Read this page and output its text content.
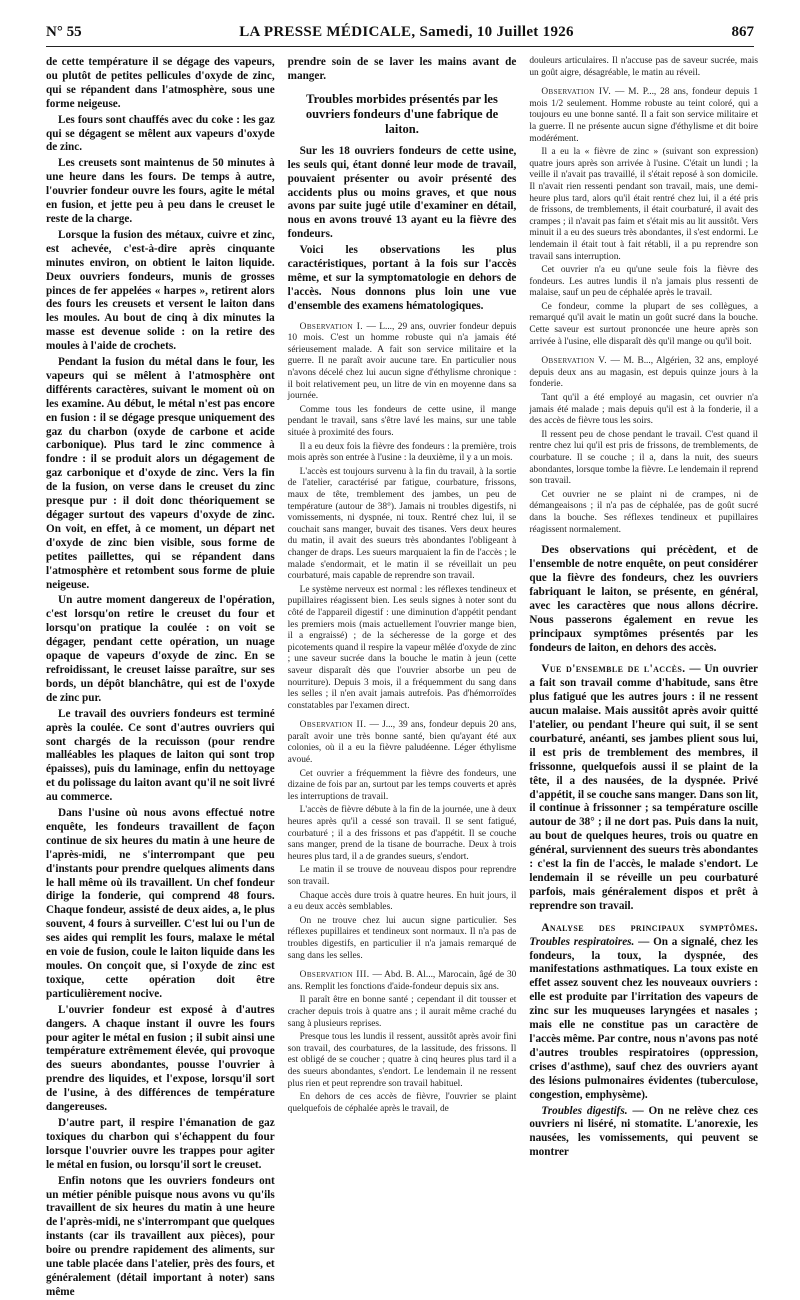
N° 55	LA PRESSE MÉDICALE, Samedi, 10 Juillet 1926	867

de cette température il se dégage des vapeurs, ou plutôt de petites pellicules d'oxyde de zinc, qui se répandent dans l'atmosphère, sous une forme neigeuse.

Les fours sont chauffés avec du coke : les gaz qui se dégagent se mêlent aux vapeurs d'oxyde de zinc.

Les creusets sont maintenus de 50 minutes à une heure dans les fours. De temps à autre, l'ouvrier fondeur ouvre les fours, agite le métal en fusion, et jette peu à peu dans le creuset le reste de la charge.

Lorsque la fusion des métaux, cuivre et zinc, est achevée, c'est-à-dire après cinquante minutes environ, on obtient le laiton liquide. Deux ouvriers fondeurs, munis de grosses pinces de fer appelées « harpes », retirent alors des fours les creusets et versent le laiton dans les moules. Au bout de cinq à dix minutes la masse est devenue solide : on la retire des moules à l'aide de crochets.

Pendant la fusion du métal dans le four, les vapeurs qui se mêlent à l'atmosphère ont différents caractères, suivant le moment où on les examine. Au début, le métal n'est pas encore en fusion : il se dégage presque uniquement des gaz du charbon (oxyde de carbone et acide carbonique). Plus tard le zinc commence à fondre : il se produit alors un dégagement de gaz carbonique et d'oxyde de zinc. Vers la fin de la fusion, on verse dans le creuset du zinc presque pur : il doit donc théoriquement se dégager surtout des vapeurs d'oxyde de zinc. On voit, en effet, à ce moment, un départ net d'oxyde de zinc bien visible, sous forme de petites paillettes, qui se répandent dans l'atmosphère et retombent sous forme de pluie neigeuse.

Un autre moment dangereux de l'opération, c'est lorsqu'on retire le creuset du four et lorsqu'on pratique la coulée : on voit se dégager, pendant cette opération, un nuage opaque de vapeurs d'oxyde de zinc. En se refroidissant, le creuset laisse paraître, sur ses bords, un dépôt blanchâtre, qui est de l'oxyde de zinc pur.

Le travail des ouvriers fondeurs est terminé après la coulée. Ce sont d'autres ouvriers qui sont chargés de la recuisson (pour rendre malléables les plaques de laiton qui sont trop épaisses), puis du laminage, enfin du nettoyage et du polissage du laiton avant qu'il ne soit livré au commerce.

Dans l'usine où nous avons effectué notre enquête, les fondeurs travaillent de façon continue de six heures du matin à une heure de l'après-midi, ne s'interrompant que peu d'instants pour prendre quelques aliments dans le hall même où ils travaillent. Un chef fondeur dirige la fonderie, qui comprend 48 fours. Chaque fondeur, assisté de deux aides, a, le plus souvent, 4 fours à surveiller. C'est lui ou l'un de ses aides qui remplit les fours, malaxe le métal en voie de fusion, coule le laiton liquide dans les moules. On conçoit que, si l'oxyde de zinc est toxique, cette opération doit être particulièrement nocive.

L'ouvrier fondeur est exposé à d'autres dangers. A chaque instant il ouvre les fours pour agiter le métal en fusion ; il subit ainsi une température extrêmement élevée, qui provoque des sueurs abondantes, pousse l'ouvrier à prendre des liquides, et l'expose, lorsqu'il sort de l'usine, à des différences de température dangereuses.

D'autre part, il respire l'émanation de gaz toxiques du charbon qui s'échappent du four lorsque l'ouvrier ouvre les trappes pour agiter le métal en fusion, ou lorsqu'il sort le creuset.

Enfin notons que les ouvriers fondeurs ont un métier pénible puisque nous avons vu qu'ils travaillent de six heures du matin à une heure de l'après-midi, ne s'interrompant que quelques instants (car ils travaillent aux pièces), pour boire ou prendre rapidement des aliments, sur une table placée dans l'atelier, près des fours, et généralement (détail important à noter) sans même

prendre soin de se laver les mains avant de manger.

Troubles morbides présentés par les ouvriers fondeurs d'une fabrique de laiton.

Sur les 18 ouvriers fondeurs de cette usine, les seuls qui, étant donné leur mode de travail, pouvaient présenter ou avoir présenté des accidents plus ou moins graves, et que nous avons par suite jugé utile d'examiner en détail, nous en avons trouvé 13 ayant eu la fièvre des fondeurs.

Voici les observations les plus caractéristiques, portant à la fois sur l'accès même, et sur la symptomatologie en dehors de l'accès. Nous donnons plus loin une vue d'ensemble des examens hématologiques.

Observation I. — L..., 29 ans, ouvrier fondeur depuis 10 mois. C'est un homme robuste qui n'a jamais été sérieusement malade. A fait son service militaire et la guerre. Il ne paraît avoir aucune tare. En particulier nous n'avons décelé chez lui aucun signe d'éthylisme chronique : il boit relativement peu, un litre de vin en moyenne dans sa journée.

Comme tous les fondeurs de cette usine, il mange pendant le travail, sans s'être lavé les mains, sur une table située à proximité des fours.

Il a eu deux fois la fièvre des fondeurs : la première, trois mois après son entrée à l'usine : la deuxième, il y a un mois.

L'accès est toujours survenu à la fin du travail, à la sortie de l'atelier, caractérisé par fatigue, courbature, frissons, maux de tête, tremblement des jambes, un peu de température (autour de 38°). Jamais ni troubles digestifs, ni vomissements, ni dyspnée, ni toux. Rentré chez lui, il se couchait sans manger, buvait des tisanes. Vers deux heures du matin, il avait des sueurs très abondantes l'obligeant à changer de draps. Les sueurs marquaient la fin de l'accès ; le malade s'endormait, et le matin il se réveillait un peu courbaturé, mais capable de reprendre son travail.

Le système nerveux est normal : les réflexes tendineux et pupillaires réagissent bien. Les seuls signes à noter sont du côté de l'appareil digestif : une diminution d'appétit pendant les premiers mois (mais actuellement l'ouvrier mange bien, il a engraissé) ; de la sécheresse de la gorge et des picotements quand il respire la vapeur mêlée d'oxyde de zinc ; une saveur sucrée dans la bouche le matin à jeun (cette saveur disparaît dès que l'ouvrier absorbe un peu de nourriture). Depuis 3 mois, il a fréquemment du sang dans les selles ; il n'en avait jamais autrefois. Pas d'hémorroïdes constatables par l'examen direct.

Observation II. — J..., 39 ans, fondeur depuis 20 ans, paraît avoir une très bonne santé, bien qu'ayant été aux colonies, où il a eu la fièvre paludéenne. Léger éthylisme avoué.

Cet ouvrier a fréquemment la fièvre des fondeurs, une dizaine de fois par an, surtout par les temps couverts et après les interruptions de travail.

L'accès de fièvre débute à la fin de la journée, une à deux heures après qu'il a cessé son travail. Il se sent fatigué, courbaturé ; il a des frissons et pas d'appétit. Il se couche sans manger, prend de la tisane de bourrache. Deux à trois heures plus tard, il a de grandes sueurs, s'endort.

Le matin il se trouve de nouveau dispos pour reprendre son travail.

Chaque accès dure trois à quatre heures. En huit jours, il a eu deux accès semblables.

On ne trouve chez lui aucun signe particulier. Ses réflexes pupillaires et tendineux sont normaux. Il n'a pas de troubles digestifs, en particulier il n'a jamais remarqué de sang dans les selles.

Observation III. — Abd. B. Al..., Marocain, âgé de 30 ans. Remplit les fonctions d'aide-fondeur depuis six ans.

Il paraît être en bonne santé ; cependant il dit tousser et cracher depuis trois à quatre ans ; il aurait même craché du sang à plusieurs reprises.

Presque tous les lundis il ressent, aussitôt après avoir fini son travail, des courbatures, de la lassitude, des frissons. Il est obligé de se coucher ; quatre à cinq heures plus tard il a des sueurs abondantes, s'endort. Le lendemain il ne ressent plus rien et peut reprendre son travail habituel.

En dehors de ces accès de fièvre, l'ouvrier se plaint quelquefois de céphalée après le travail, de

douleurs articulaires. Il n'accuse pas de saveur sucrée, mais un goût aigre, désagréable, le matin au réveil.

Observation IV. — M. P..., 28 ans, fondeur depuis 1 mois 1/2 seulement. Homme robuste au teint coloré, qui a toujours eu une bonne santé. Il a fait son service militaire et la guerre. Il ne présente aucun signe d'éthylisme et dit boire modérément.

Il a eu la « fièvre de zinc » (suivant son expression) quatre jours après son arrivée à l'usine. C'était un lundi ; la veille il n'avait pas travaillé, il s'était reposé à son domicile. Il n'avait rien ressenti pendant son travail, mais, une demi-heure plus tard, alors qu'il était rentré chez lui, il a été pris de frissons, de tremblements, il était courbaturé, il avait des crampes ; il n'avait pas faim et s'était mis au lit aussitôt. Vers minuit il a eu des sueurs très abondantes, il s'est endormi. Le lendemain il était tout à fait rétabli, il a pu reprendre son travail sans interruption.

Cet ouvrier n'a eu qu'une seule fois la fièvre des fondeurs. Les autres lundis il n'a jamais plus ressenti de malaise, sauf un peu de céphalée après le travail.

Ce fondeur, comme la plupart de ses collègues, a remarqué qu'il avait le matin un goût sucré dans la bouche. Cette saveur est surtout prononcée une heure après son arrivée à l'usine, elle disparaît dès qu'il mange ou qu'il boit.

Observation V. — M. B..., Algérien, 32 ans, employé depuis deux ans au magasin, est depuis quinze jours à la fonderie.

Tant qu'il a été employé au magasin, cet ouvrier n'a jamais été malade ; mais depuis qu'il est à la fonderie, il a des accès de fièvre tous les soirs.

Il ressent peu de chose pendant le travail. C'est quand il rentre chez lui qu'il est pris de frissons, de tremblements, de courbature. Il se couche ; il a, dans la nuit, des sueurs abondantes, lorsque tombe la fièvre. Le lendemain il reprend son travail.

Cet ouvrier ne se plaint ni de crampes, ni de démangeaisons ; il n'a pas de céphalée, pas de goût sucré dans la bouche. Ses réflexes tendineux et pupillaires réagissent normalement.

Des observations qui précèdent, et de l'ensemble de notre enquête, on peut considérer que la fièvre des fondeurs, chez les ouvriers fabriquant le laiton, se présente, en général, avec les caractères que nous allons décrire. Nous passerons également en revue les principaux symptômes présentés par les fondeurs de laiton, en dehors des accès.

Vue d'ensemble de l'accès. — Un ouvrier a fait son travail comme d'habitude, sans être plus fatigué que les autres jours : il ne ressent aucun malaise. Mais aussitôt après avoir quitté l'atelier, ou pendant l'heure qui suit, il se sent courbaturé, anéanti, ses jambes plient sous lui, il est pris de tremblement des membres, il frissonne, quelquefois aussi il se plaint de la tête, il a des nausées, de la dyspnée. Privé d'appétit, il se couche sans manger. Dans son lit, il continue à frissonner ; sa température oscille autour de 38° ; il ne dort pas. Puis dans la nuit, au bout de quelques heures, trois ou quatre en général, surviennent des sueurs très abondantes : c'est la fin de l'accès, le malade s'endort. Le lendemain il se réveille un peu courbaturé parfois, mais généralement dispos et prêt à reprendre son travail.

Analyse des principaux symptômes. Troubles respiratoires. — On a signalé, chez les fondeurs, la toux, la dyspnée, des manifestations asthmatiques. La toux existe en effet assez souvent chez les nouveaux ouvriers : elle est produite par l'irritation des vapeurs de zinc sur les muqueuses laryngées et nasales ; mais elle ne constitue pas un caractère de l'accès même. Par contre, nous n'avons pas noté d'autres troubles respiratoires (oppression, crises d'asthme), sauf chez des ouvriers ayant des lésions pulmonaires évidentes (tuberculose, congestion, emphysème).

Troubles digestifs. — On ne relève chez ces ouvriers ni liséré, ni stomatite. L'anorexie, les nausées, les vomissements, qui peuvent se montrer
